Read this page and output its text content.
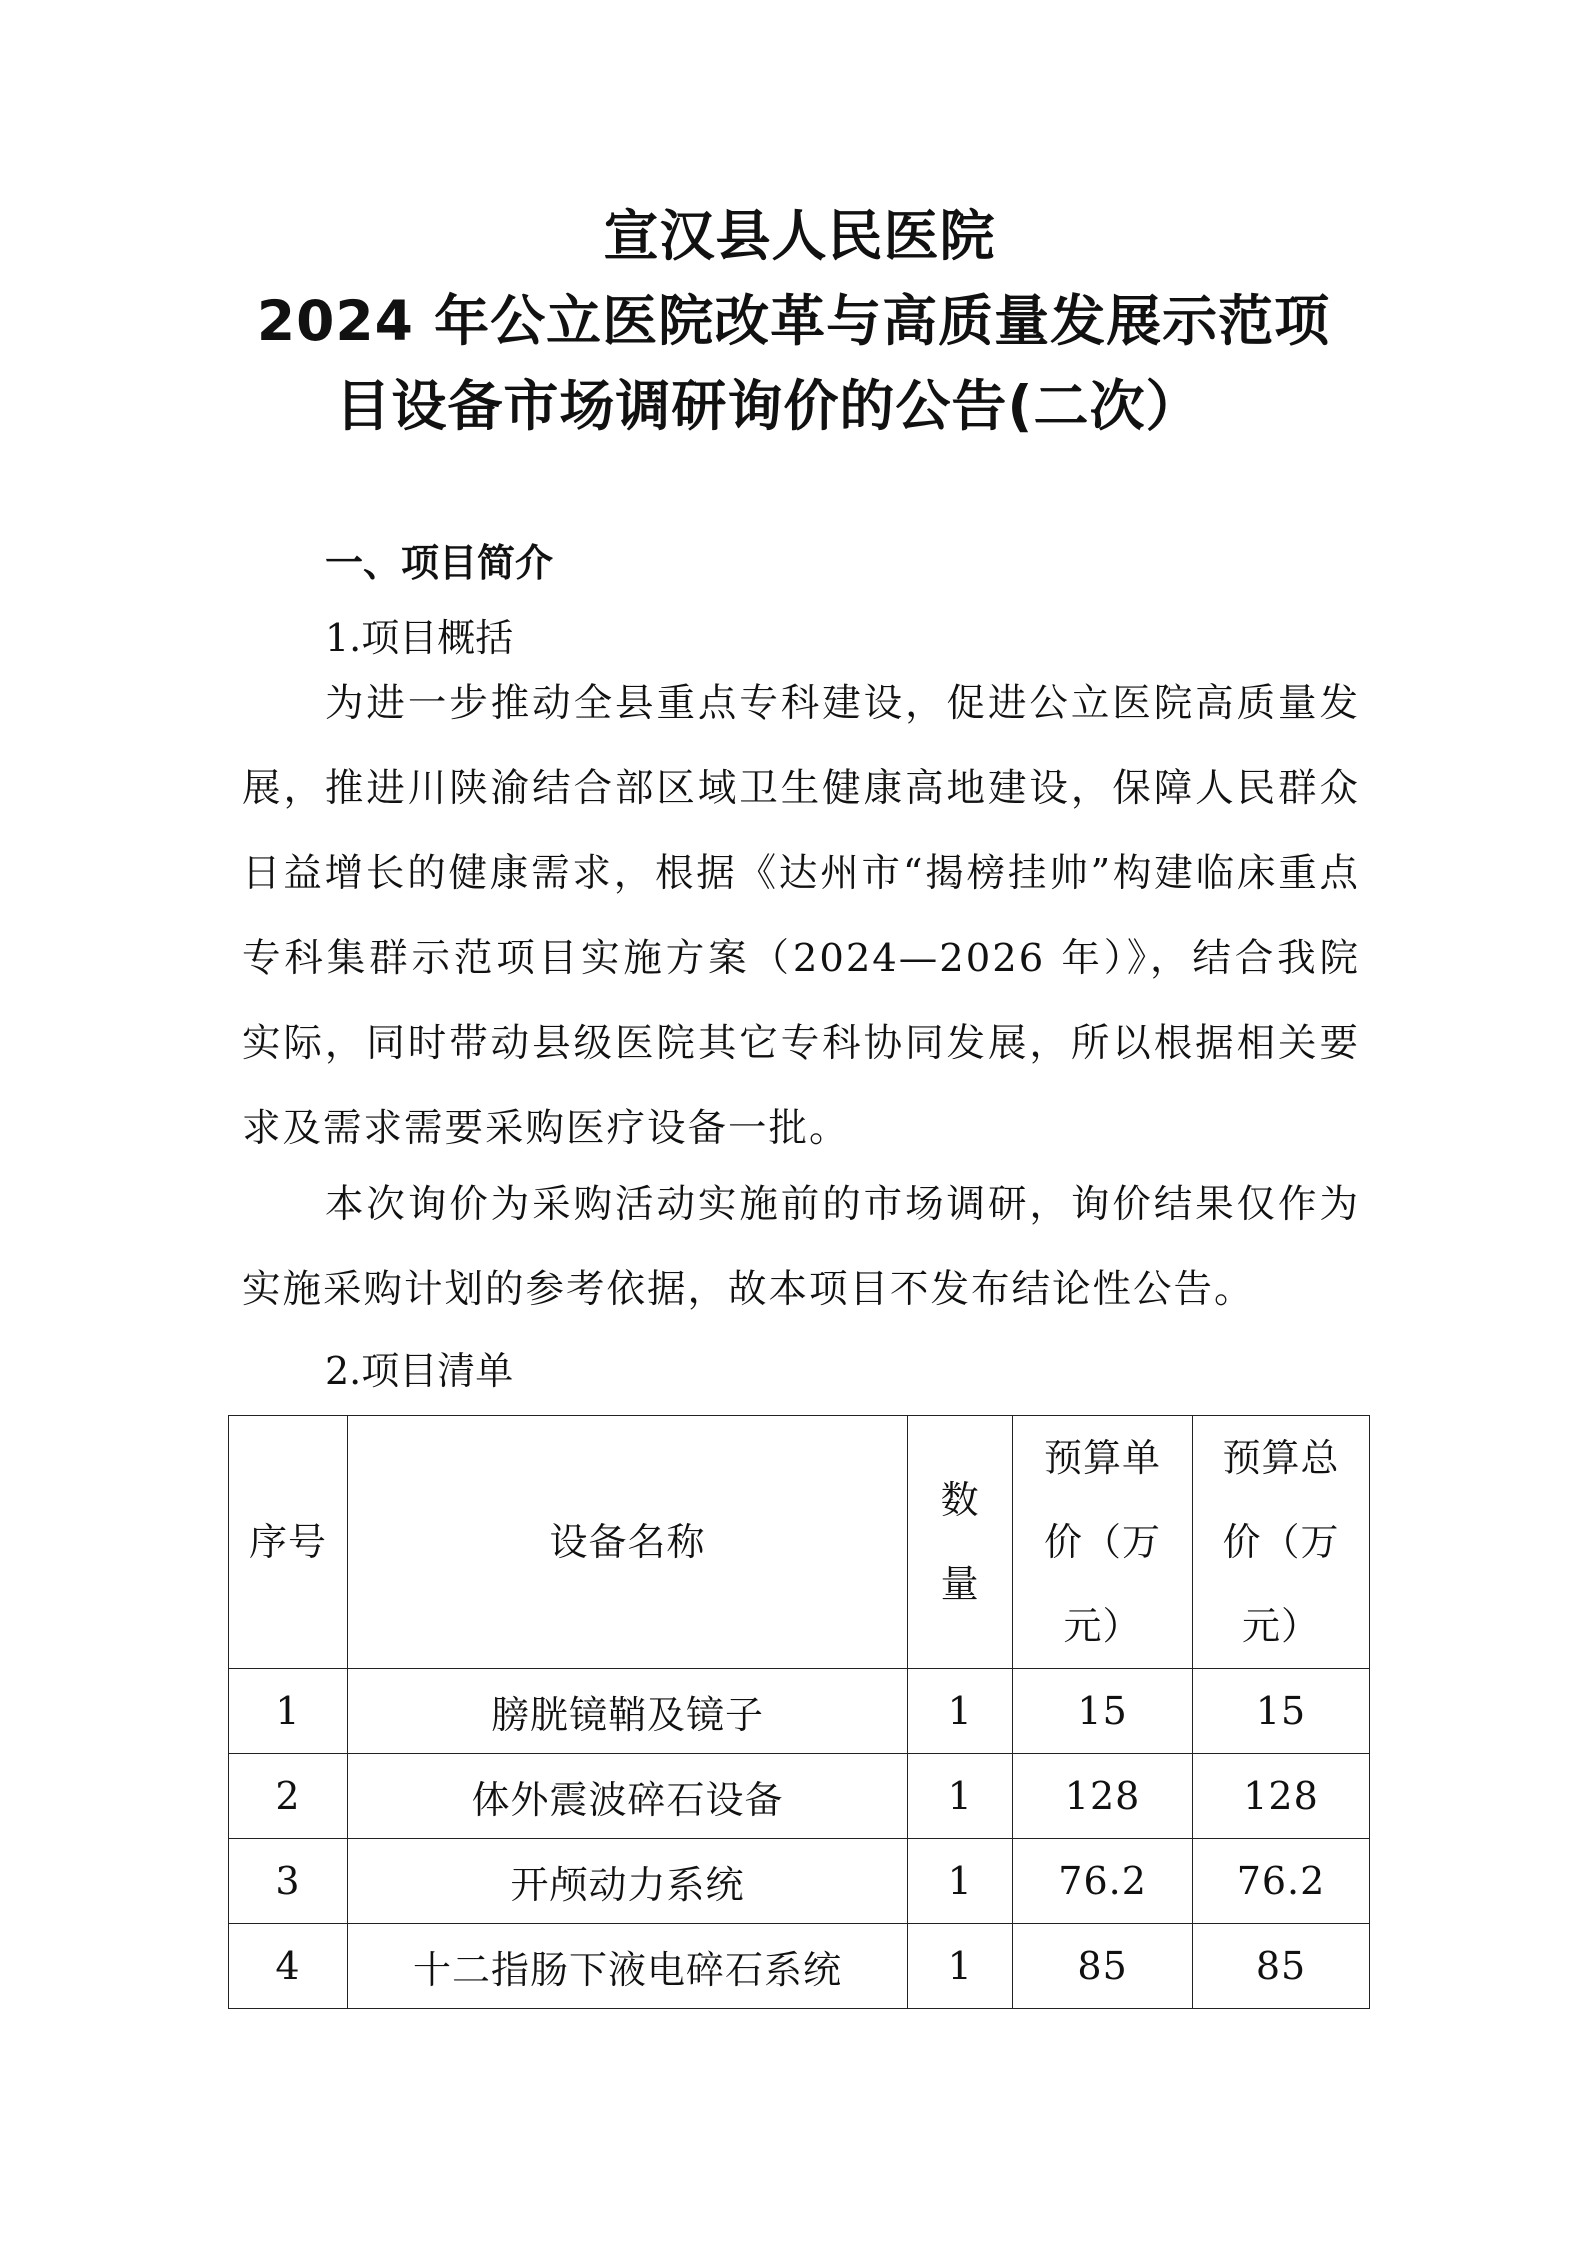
宣汉县人民医院
2024 年公立医院改革与高质量发展示范项
目设备市场调研询价的公告(二次）
一、项目简介
1.项目概括

为进一步推动全县重点专科建设，促进公立医院高质量发展，推进川陕渝结合部区域卫生健康高地建设，保障人民群众日益增长的健康需求，根据《达州市“揭榜挂帅”构建临床重点专科集群示范项目实施方案（2024—2026 年）》，结合我院实际，同时带动县级医院其它专科协同发展，所以根据相关要求及需求需要采购医疗设备一批。

本次询价为采购活动实施前的市场调研，询价结果仅作为实施采购计划的参考依据，故本项目不发布结论性公告。

2.项目清单
序号	设备名称	数量	预算单价（万元）	预算总价（万元）
1	膀胱镜鞘及镜子	1	15	15
2	体外震波碎石设备	1	128	128
3	开颅动力系统	1	76.2	76.2
4	十二指肠下液电碎石系统	1	85	85
